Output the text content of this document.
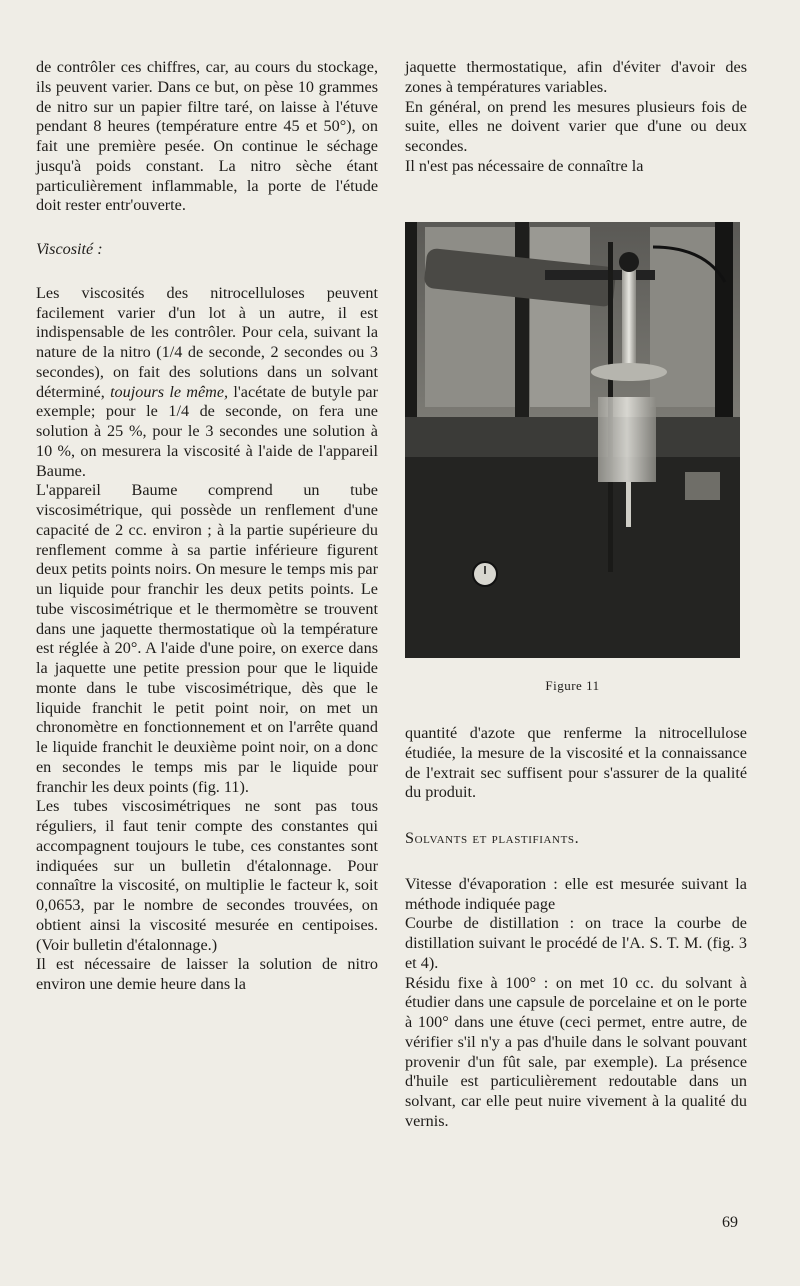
de contrôler ces chiffres, car, au cours du stockage, ils peuvent varier. Dans ce but, on pèse 10 grammes de nitro sur un papier filtre taré, on laisse à l'étuve pendant 8 heures (température entre 45 et 50°), on fait une première pesée. On continue le séchage jusqu'à poids constant. La nitro sèche étant particulièrement inflammable, la porte de l'étude doit rester entr'ouverte.

Viscosité :

Les viscosités des nitrocelluloses peuvent facilement varier d'un lot à un autre, il est indispensable de les contrôler. Pour cela, suivant la nature de la nitro (1/4 de seconde, 2 secondes ou 3 secondes), on fait des solutions dans un solvant déterminé, toujours le même, l'acétate de butyle par exemple; pour le 1/4 de seconde, on fera une solution à 25 %, pour le 3 secondes une solution à 10 %, on mesurera la viscosité à l'aide de l'appareil Baume.

L'appareil Baume comprend un tube viscosimétrique, qui possède un renflement d'une capacité de 2 cc. environ ; à la partie supérieure du renflement comme à sa partie inférieure figurent deux petits points noirs. On mesure le temps mis par un liquide pour franchir les deux petits points. Le tube viscosimétrique et le thermomètre se trouvent dans une jaquette thermostatique où la température est réglée à 20°. A l'aide d'une poire, on exerce dans la jaquette une petite pression pour que le liquide monte dans le tube viscosimétrique, dès que le liquide franchit le petit point noir, on met un chronomètre en fonctionnement et on l'arrête quand le liquide franchit le deuxième point noir, on a donc en secondes le temps mis par le liquide pour franchir les deux points (fig. 11).

Les tubes viscosimétriques ne sont pas tous réguliers, il faut tenir compte des constantes qui accompagnent toujours le tube, ces constantes sont indiquées sur un bulletin d'étalonnage. Pour connaître la viscosité, on multiplie le facteur k, soit 0,0653, par le nombre de secondes trouvées, on obtient ainsi la viscosité mesurée en centipoises. (Voir bulletin d'étalonnage.)

Il est nécessaire de laisser la solution de nitro environ une demie heure dans la

jaquette thermostatique, afin d'éviter d'avoir des zones à températures variables.

En général, on prend les mesures plusieurs fois de suite, elles ne doivent varier que d'une ou deux secondes.

Il n'est pas nécessaire de connaître la

Figure 11

quantité d'azote que renferme la nitrocellulose étudiée, la mesure de la viscosité et la connaissance de l'extrait sec suffisent pour s'assurer de la qualité du produit.

Solvants et plastifiants.

Vitesse d'évaporation : elle est mesurée suivant la méthode indiquée page

Courbe de distillation : on trace la courbe de distillation suivant le procédé de l'A. S. T. M. (fig. 3 et 4).

Résidu fixe à 100° : on met 10 cc. du solvant à étudier dans une capsule de porcelaine et on le porte à 100° dans une étuve (ceci permet, entre autre, de vérifier s'il n'y a pas d'huile dans le solvant pouvant provenir d'un fût sale, par exemple). La présence d'huile est particulièrement redoutable dans un solvant, car elle peut nuire vivement à la qualité du vernis.

69
